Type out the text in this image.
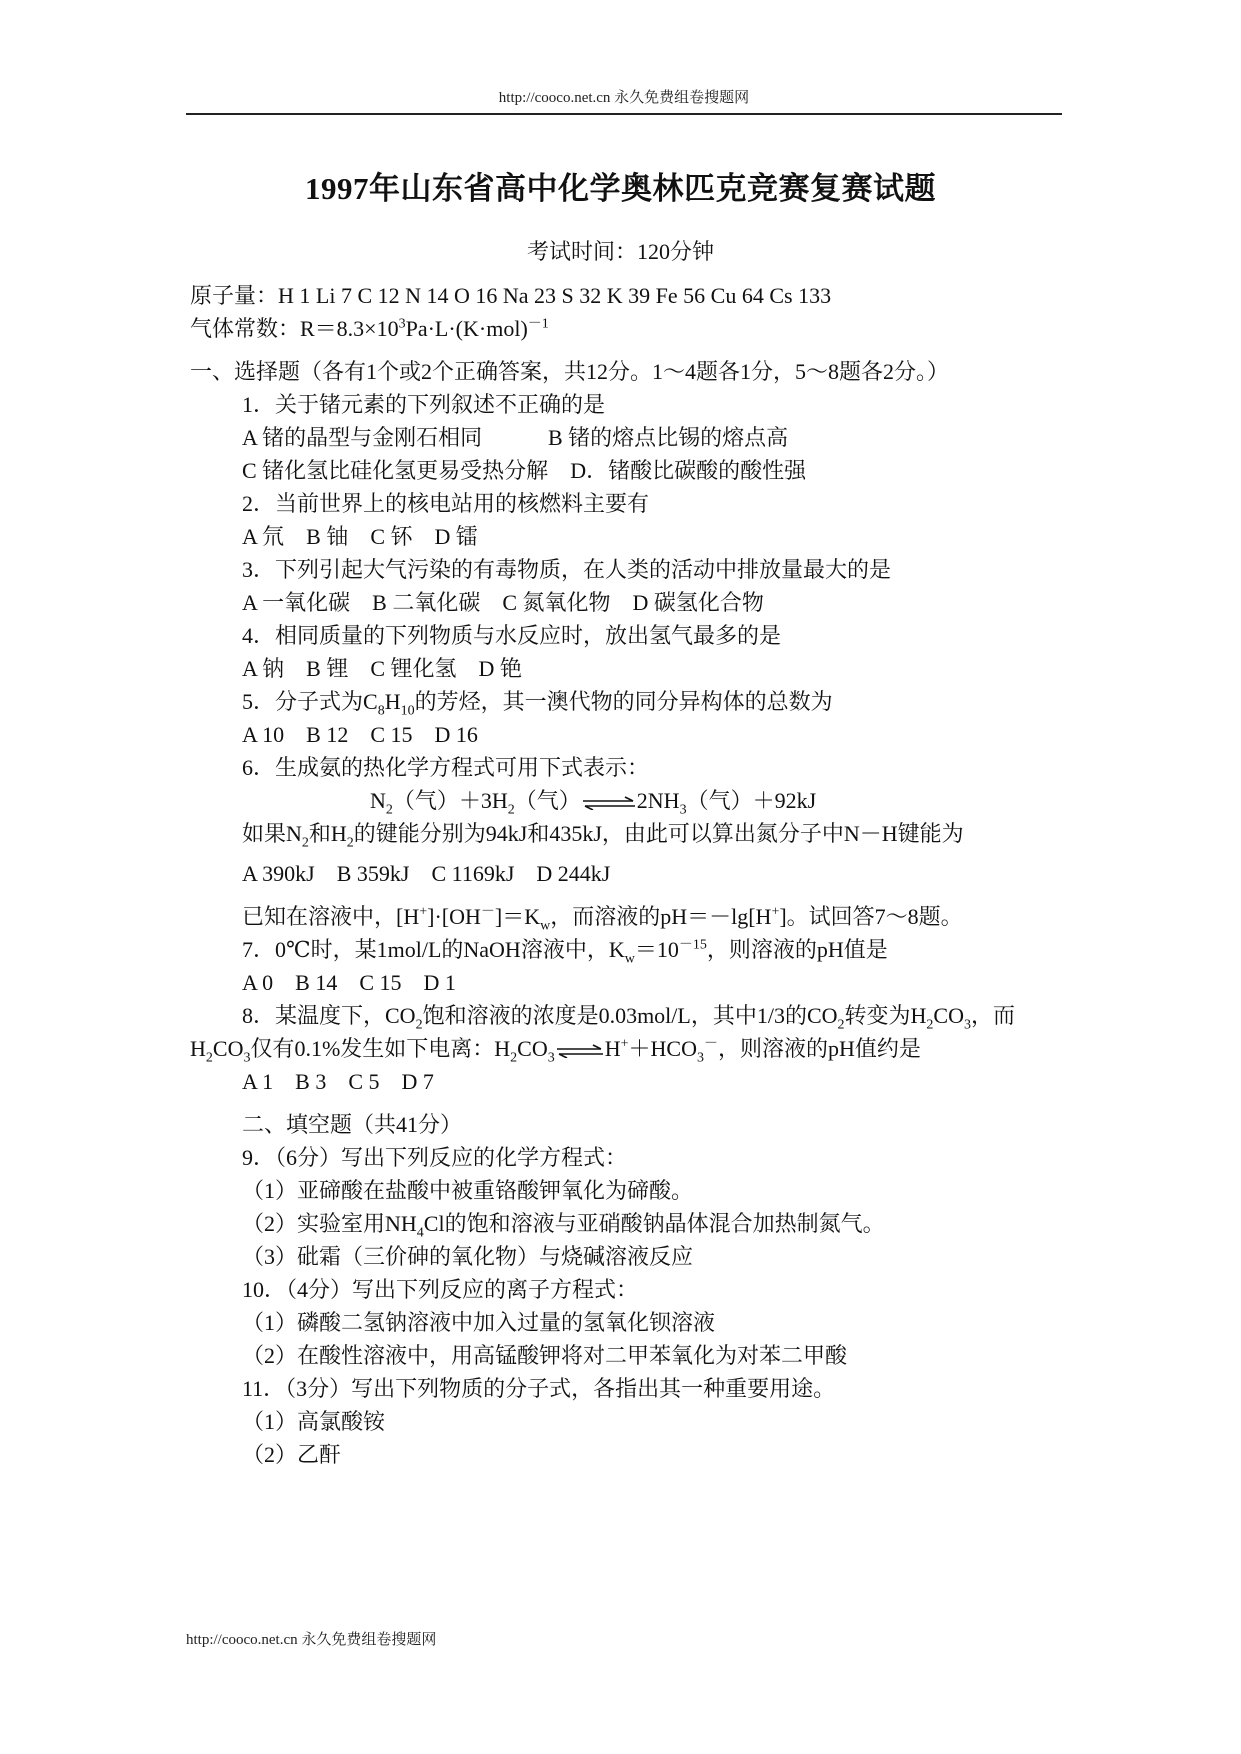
http://cooco.net.cn 永久免费组卷搜题网
1997年山东省高中化学奥林匹克竞赛复赛试题
考试时间：120分钟
原子量：H 1 Li 7 C 12 N 14 O 16 Na 23 S 32 K 39 Fe 56 Cu 64 Cs 133
气体常数：$R=8.3\times 10^3Pa\cdot L\cdot(K\cdot mol)^{-1}$
一、选择题（各有1个或2个正确答案，共12分。1～4题各1分，5～8题各2分。）
1．关于锗元素的下列叙述不正确的是
A 锗的晶型与金刚石相同	B 锗的熔点比锡的熔点高
C 锗化氢比硅化氢更易受热分解 D．锗酸比碳酸的酸性强
2．当前世界上的核电站用的核燃料主要有
A 氘　B 铀　C 钚　D 镭
3．下列引起大气污染的有毒物质，在人类的活动中排放量最大的是
A 一氧化碳　B 二氧化碳　C 氮氧化物　D 碳氢化合物
4．相同质量的下列物质与水反应时，放出氢气最多的是
A 钠　B 锂　C 锂化氢　D 铯
5．分子式为$C_8H_{10}$的芳烃，其一澳代物的同分异构体的总数为
A 10　B 12　C 15　D 16
6．生成氨的热化学方程式可用下式表示：
$N_2$（气）$+3H_2$（气）$\rightleftharpoons 2NH_3$（气）＋92kJ
如果$N_2$和$H_2$的键能分别为94kJ和435kJ，由此可以算出氮分子中N－H键能为
A 390kJ　B 359kJ　C 1169kJ　D 244kJ
已知在溶液中，$[H^+]\cdot[OH^-]=K_w$，而溶液的pH＝－lg[H+]。试回答7～8题。
7．0℃时，某1mol/L的NaOH溶液中，$K_w=10^{-15}$，则溶液的pH值是
A 0　B 14　C 15　D 1
8．某温度下，$CO_2$饱和溶液的浓度是0.03mol/L，其中1/3的$CO_2$转变为$H_2CO_3$，而$H_2CO_3$仅有0.1%发生如下电离：$H_2CO_3\rightleftharpoons H^++HCO_3^-$，则溶液的pH值约是
A 1　B 3　C 5　D 7
二、填空题（共41分）
9．（6分）写出下列反应的化学方程式：
（1）亚碲酸在盐酸中被重铬酸钾氧化为碲酸。
（2）实验室用$NH_4Cl$的饱和溶液与亚硝酸钠晶体混合加热制氮气。
（3）砒霜（三价砷的氧化物）与烧碱溶液反应
10．（4分）写出下列反应的离子方程式：
（1）磷酸二氢钠溶液中加入过量的氢氧化钡溶液
（2）在酸性溶液中，用高锰酸钾将对二甲苯氧化为对苯二甲酸
11．（3分）写出下列物质的分子式，各指出其一种重要用途。
（1）高氯酸铵
（2）乙酐
http://cooco.net.cn 永久免费组卷搜题网
